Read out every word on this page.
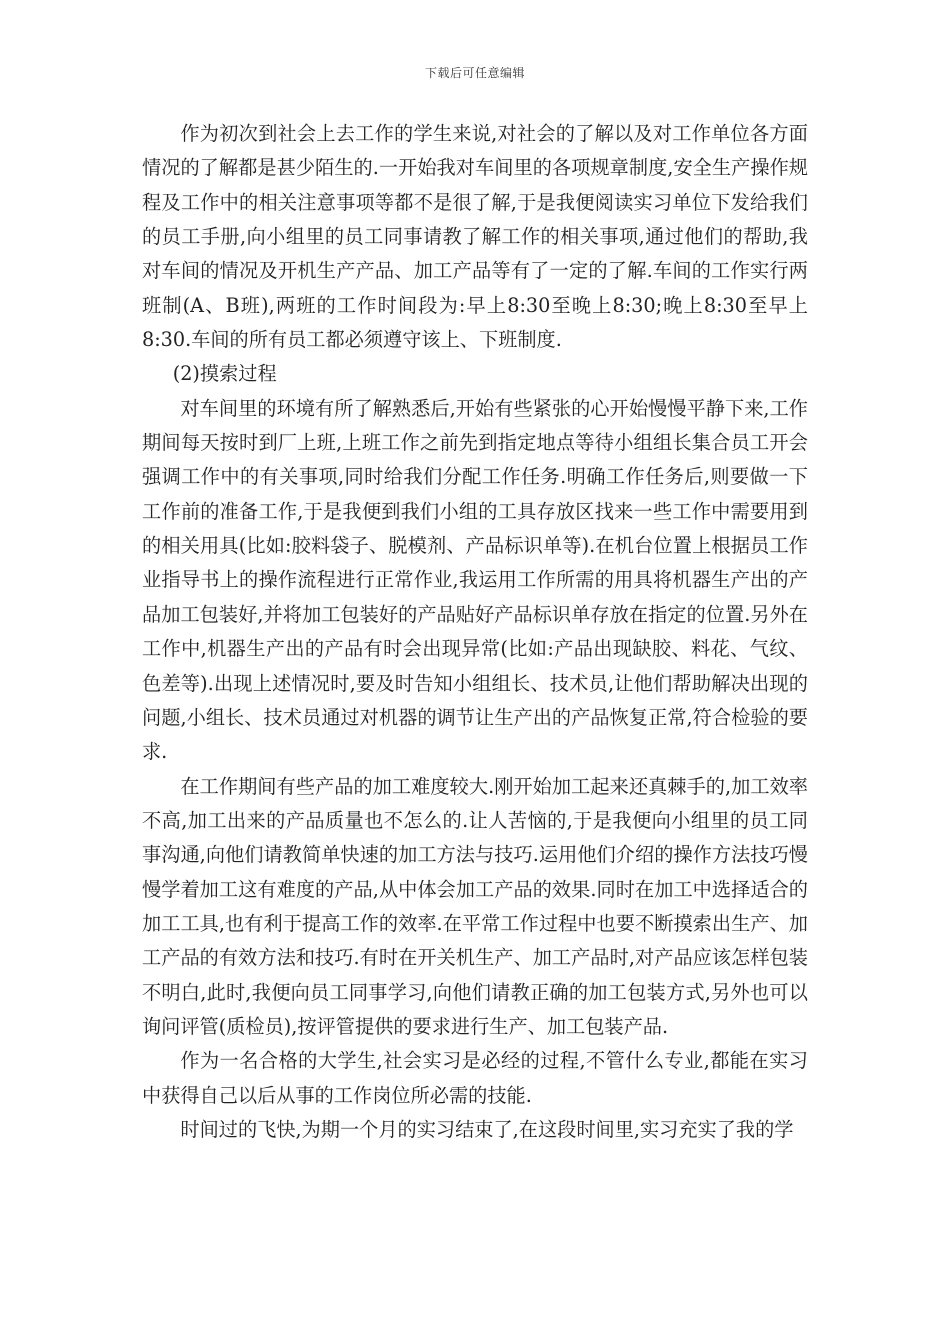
下载后可任意编辑

作为初次到社会上去工作的学生来说,对社会的了解以及对工作单位各方面情况的了解都是甚少陌生的.一开始我对车间里的各项规章制度,安全生产操作规程及工作中的相关注意事项等都不是很了解,于是我便阅读实习单位下发给我们的员工手册,向小组里的员工同事请教了解工作的相关事项,通过他们的帮助,我对车间的情况及开机生产产品、加工产品等有了一定的了解.车间的工作实行两班制(A、B班),两班的工作时间段为:早上8:30至晚上8:30;晚上8:30至早上8:30.车间的所有员工都必须遵守该上、下班制度.

(2)摸索过程

对车间里的环境有所了解熟悉后,开始有些紧张的心开始慢慢平静下来,工作期间每天按时到厂上班,上班工作之前先到指定地点等待小组组长集合员工开会强调工作中的有关事项,同时给我们分配工作任务.明确工作任务后,则要做一下工作前的准备工作,于是我便到我们小组的工具存放区找来一些工作中需要用到的相关用具(比如:胶料袋子、脱模剂、产品标识单等).在机台位置上根据员工作业指导书上的操作流程进行正常作业,我运用工作所需的用具将机器生产出的产品加工包装好,并将加工包装好的产品贴好产品标识单存放在指定的位置.另外在工作中,机器生产出的产品有时会出现异常(比如:产品出现缺胶、料花、气纹、色差等).出现上述情况时,要及时告知小组组长、技术员,让他们帮助解决出现的问题,小组长、技术员通过对机器的调节让生产出的产品恢复正常,符合检验的要求.

在工作期间有些产品的加工难度较大.刚开始加工起来还真棘手的,加工效率不高,加工出来的产品质量也不怎么的.让人苦恼的,于是我便向小组里的员工同事沟通,向他们请教简单快速的加工方法与技巧.运用他们介绍的操作方法技巧慢慢学着加工这有难度的产品,从中体会加工产品的效果.同时在加工中选择适合的加工工具,也有利于提高工作的效率.在平常工作过程中也要不断摸索出生产、加工产品的有效方法和技巧.有时在开关机生产、加工产品时,对产品应该怎样包装不明白,此时,我便向员工同事学习,向他们请教正确的加工包装方式,另外也可以询问评管(质检员),按评管提供的要求进行生产、加工包装产品.

作为一名合格的大学生,社会实习是必经的过程,不管什么专业,都能在实习中获得自己以后从事的工作岗位所必需的技能.

时间过的飞快,为期一个月的实习结束了,在这段时间里,实习充实了我的学
